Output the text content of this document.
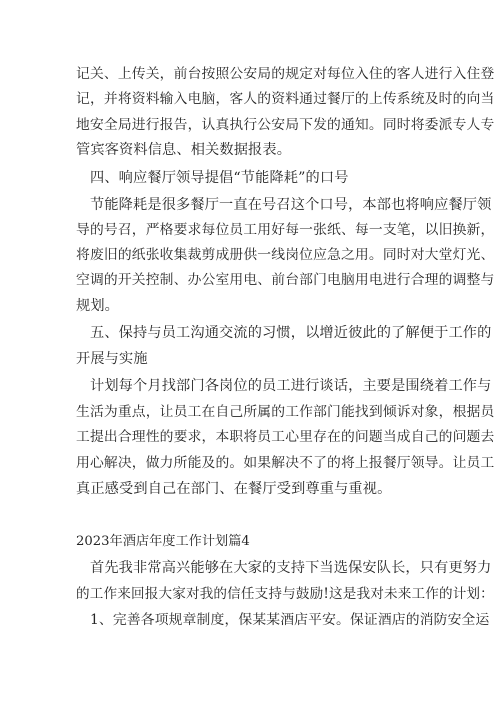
记关、上传关，前台按照公安局的规定对每位入住的客人进行入住登
记，并将资料输入电脑，客人的资料通过餐厅的上传系统及时的向当
地安全局进行报告，认真执行公安局下发的通知。同时将委派专人专
管宾客资料信息、相关数据报表。
四、响应餐厅领导提倡“节能降耗”的口号
节能降耗是很多餐厅一直在号召这个口号，本部也将响应餐厅领
导的号召，严格要求每位员工用好每一张纸、每一支笔，以旧换新，
将废旧的纸张收集裁剪成册供一线岗位应急之用。同时对大堂灯光、
空调的开关控制、办公室用电、前台部门电脑用电进行合理的调整与
规划。
五、保持与员工沟通交流的习惯，以增近彼此的了解便于工作的
开展与实施
计划每个月找部门各岗位的员工进行谈话，主要是围绕着工作与
生活为重点，让员工在自己所属的工作部门能找到倾诉对象，根据员
工提出合理性的要求，本职将员工心里存在的问题当成自己的问题去
用心解决，做力所能及的。如果解决不了的将上报餐厅领导。让员工
真正感受到自己在部门、在餐厅受到尊重与重视。
2023年酒店年度工作计划篇4
首先我非常高兴能够在大家的支持下当选保安队长，只有更努力
的工作来回报大家对我的信任支持与鼓励!这是我对未来工作的计划：
1、完善各项规章制度，保某某酒店平安。保证酒店的消防安全运
